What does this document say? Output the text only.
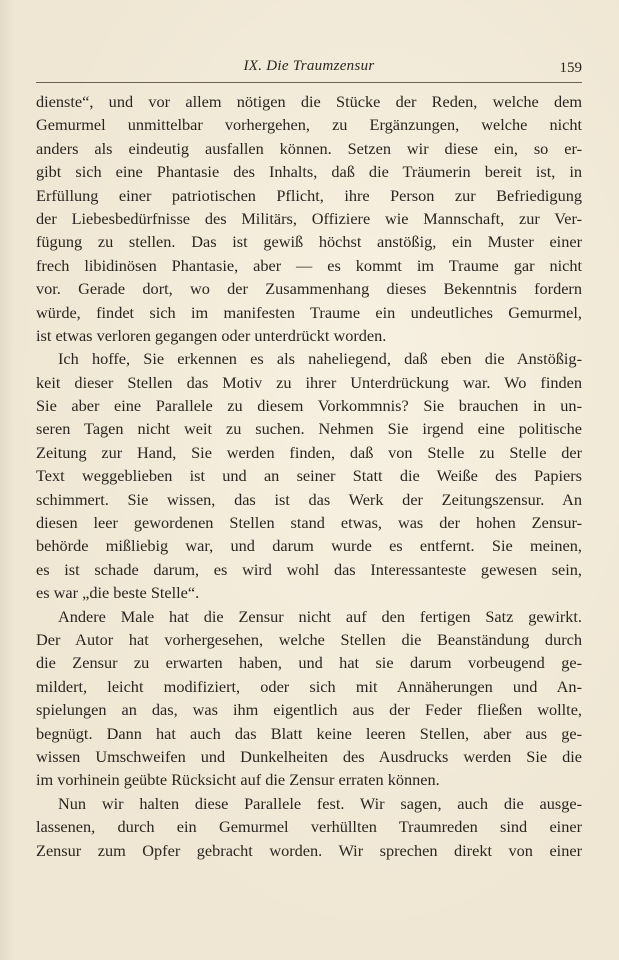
IX. Die Traumzensur	159
dienste“, und vor allem nötigen die Stücke der Reden, welche dem
Gemurmel unmittelbar vorhergehen, zu Ergänzungen, welche nicht
anders als eindeutig ausfallen können. Setzen wir diese ein, so er-
gibt sich eine Phantasie des Inhalts, daß die Träumerin bereit ist, in
Erfüllung einer patriotischen Pflicht, ihre Person zur Befriedigung
der Liebesbedürfnisse des Militärs, Offiziere wie Mannschaft, zur Ver-
fügung zu stellen. Das ist gewiß höchst anstößig, ein Muster einer
frech libidinösen Phantasie, aber — es kommt im Traume gar nicht
vor. Gerade dort, wo der Zusammenhang dieses Bekenntnis fordern
würde, findet sich im manifesten Traume ein undeutliches Gemurmel,
ist etwas verloren gegangen oder unterdrückt worden.
Ich hoffe, Sie erkennen es als naheliegend, daß eben die Anstößig-
keit dieser Stellen das Motiv zu ihrer Unterdrückung war. Wo finden
Sie aber eine Parallele zu diesem Vorkommnis? Sie brauchen in un-
seren Tagen nicht weit zu suchen. Nehmen Sie irgend eine politische
Zeitung zur Hand, Sie werden finden, daß von Stelle zu Stelle der
Text weggeblieben ist und an seiner Statt die Weiße des Papiers
schimmert. Sie wissen, das ist das Werk der Zeitungszensur. An
diesen leer gewordenen Stellen stand etwas, was der hohen Zensur-
behörde mißliebig war, und darum wurde es entfernt. Sie meinen,
es ist schade darum, es wird wohl das Interessanteste gewesen sein,
es war „die beste Stelle“.
Andere Male hat die Zensur nicht auf den fertigen Satz gewirkt.
Der Autor hat vorhergesehen, welche Stellen die Beanständung durch
die Zensur zu erwarten haben, und hat sie darum vorbeugend ge-
mildert, leicht modifiziert, oder sich mit Annäherungen und An-
spielungen an das, was ihm eigentlich aus der Feder fließen wollte,
begnügt. Dann hat auch das Blatt keine leeren Stellen, aber aus ge-
wissen Umschweifen und Dunkelheiten des Ausdrucks werden Sie die
im vorhinein geübte Rücksicht auf die Zensur erraten können.
Nun wir halten diese Parallele fest. Wir sagen, auch die ausge-
lassenen, durch ein Gemurmel verhüllten Traumreden sind einer
Zensur zum Opfer gebracht worden. Wir sprechen direkt von einer
